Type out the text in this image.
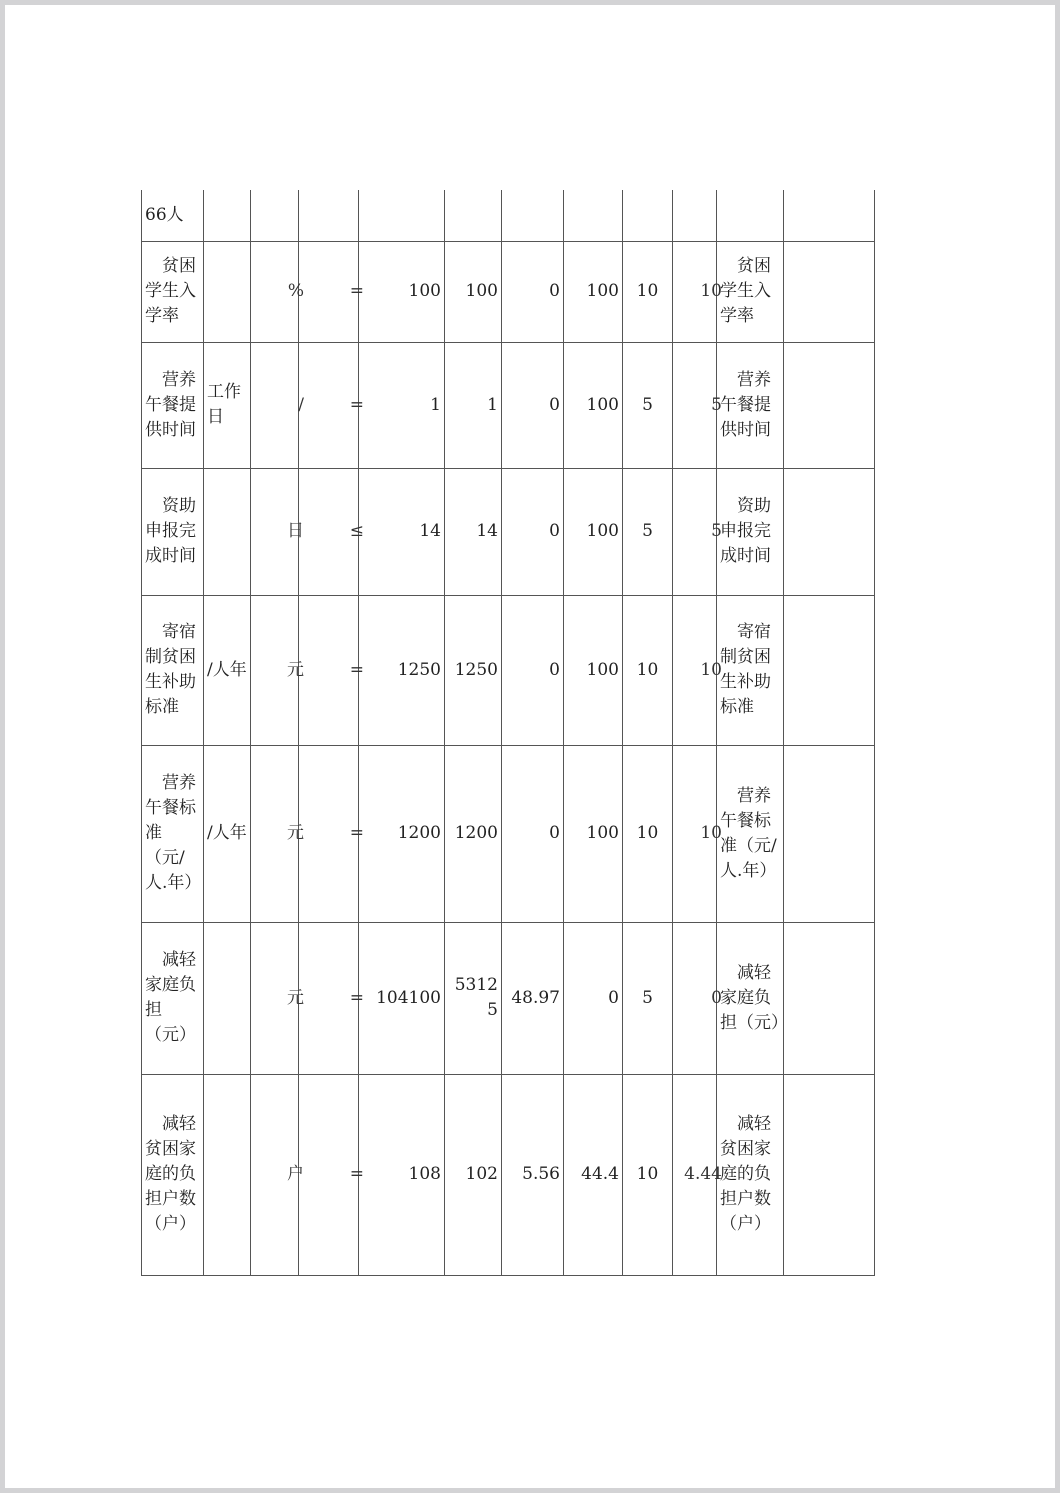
66人											
贫困学生入学率		%	=	100	100	0	100	10	10	贫困学生入学率	
营养午餐提供时间	工作日	/	=	1	1	0	100	5	5	营养午餐提供时间	
资助申报完成时间		日	≤	14	14	0	100	5	5	资助申报完成时间	
寄宿制贫困生补助标准	/人年	元	=	1250	1250	0	100	10	10	寄宿制贫困生补助标准	
营养午餐标准（元/人.年）	/人年	元	=	1200	1200	0	100	10	10	营养午餐标准（元/人.年）	
减轻家庭负担（元）		元	=	104100	53125	48.97	0	5	0	减轻家庭负担（元）	
减轻贫困家庭的负担户数（户）		户	=	108	102	5.56	44.4	10	4.44	减轻贫困家庭的负担户数（户）	
